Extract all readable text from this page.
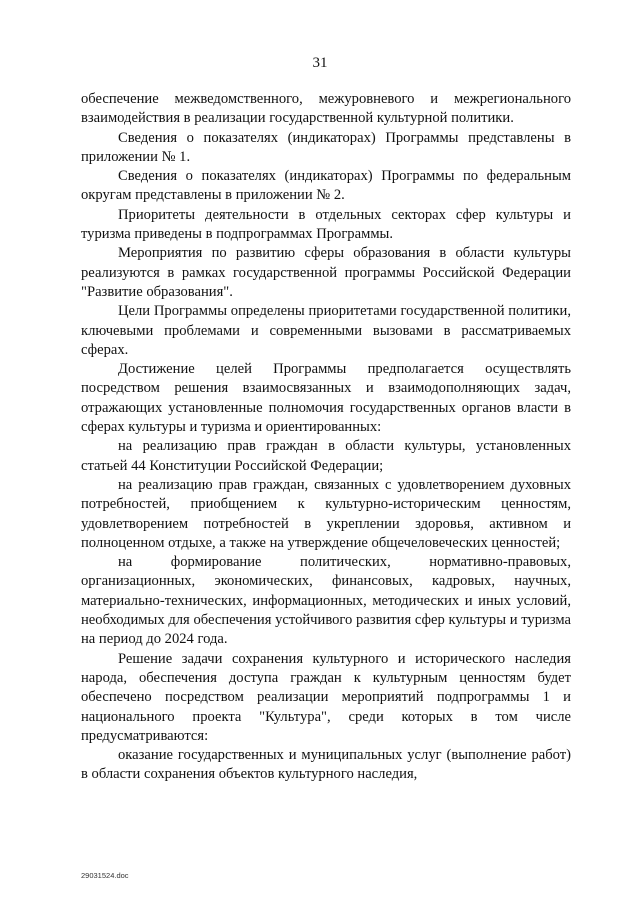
31

обеспечение межведомственного, межуровневого и межрегионального взаимодействия в реализации государственной культурной политики.

Сведения о показателях (индикаторах) Программы представлены в приложении № 1.

Сведения о показателях (индикаторах) Программы по федеральным округам представлены в приложении № 2.

Приоритеты деятельности в отдельных секторах сфер культуры и туризма приведены в подпрограммах Программы.

Мероприятия по развитию сферы образования в области культуры реализуются в рамках государственной программы Российской Федерации "Развитие образования".

Цели Программы определены приоритетами государственной политики, ключевыми проблемами и современными вызовами в рассматриваемых сферах.

Достижение целей Программы предполагается осуществлять посредством решения взаимосвязанных и взаимодополняющих задач, отражающих установленные полномочия государственных органов власти в сферах культуры и туризма и ориентированных:

на реализацию прав граждан в области культуры, установленных статьей 44 Конституции Российской Федерации;

на реализацию прав граждан, связанных с удовлетворением духовных потребностей, приобщением к культурно-историческим ценностям, удовлетворением потребностей в укреплении здоровья, активном и полноценном отдыхе, а также на утверждение общечеловеческих ценностей;

на формирование политических, нормативно-правовых, организационных, экономических, финансовых, кадровых, научных, материально-технических, информационных, методических и иных условий, необходимых для обеспечения устойчивого развития сфер культуры и туризма на период до 2024 года.

Решение задачи сохранения культурного и исторического наследия народа, обеспечения доступа граждан к культурным ценностям будет обеспечено посредством реализации мероприятий подпрограммы 1 и национального проекта "Культура", среди которых в том числе предусматриваются:

оказание государственных и муниципальных услуг (выполнение работ) в области сохранения объектов культурного наследия,

29031524.doc
